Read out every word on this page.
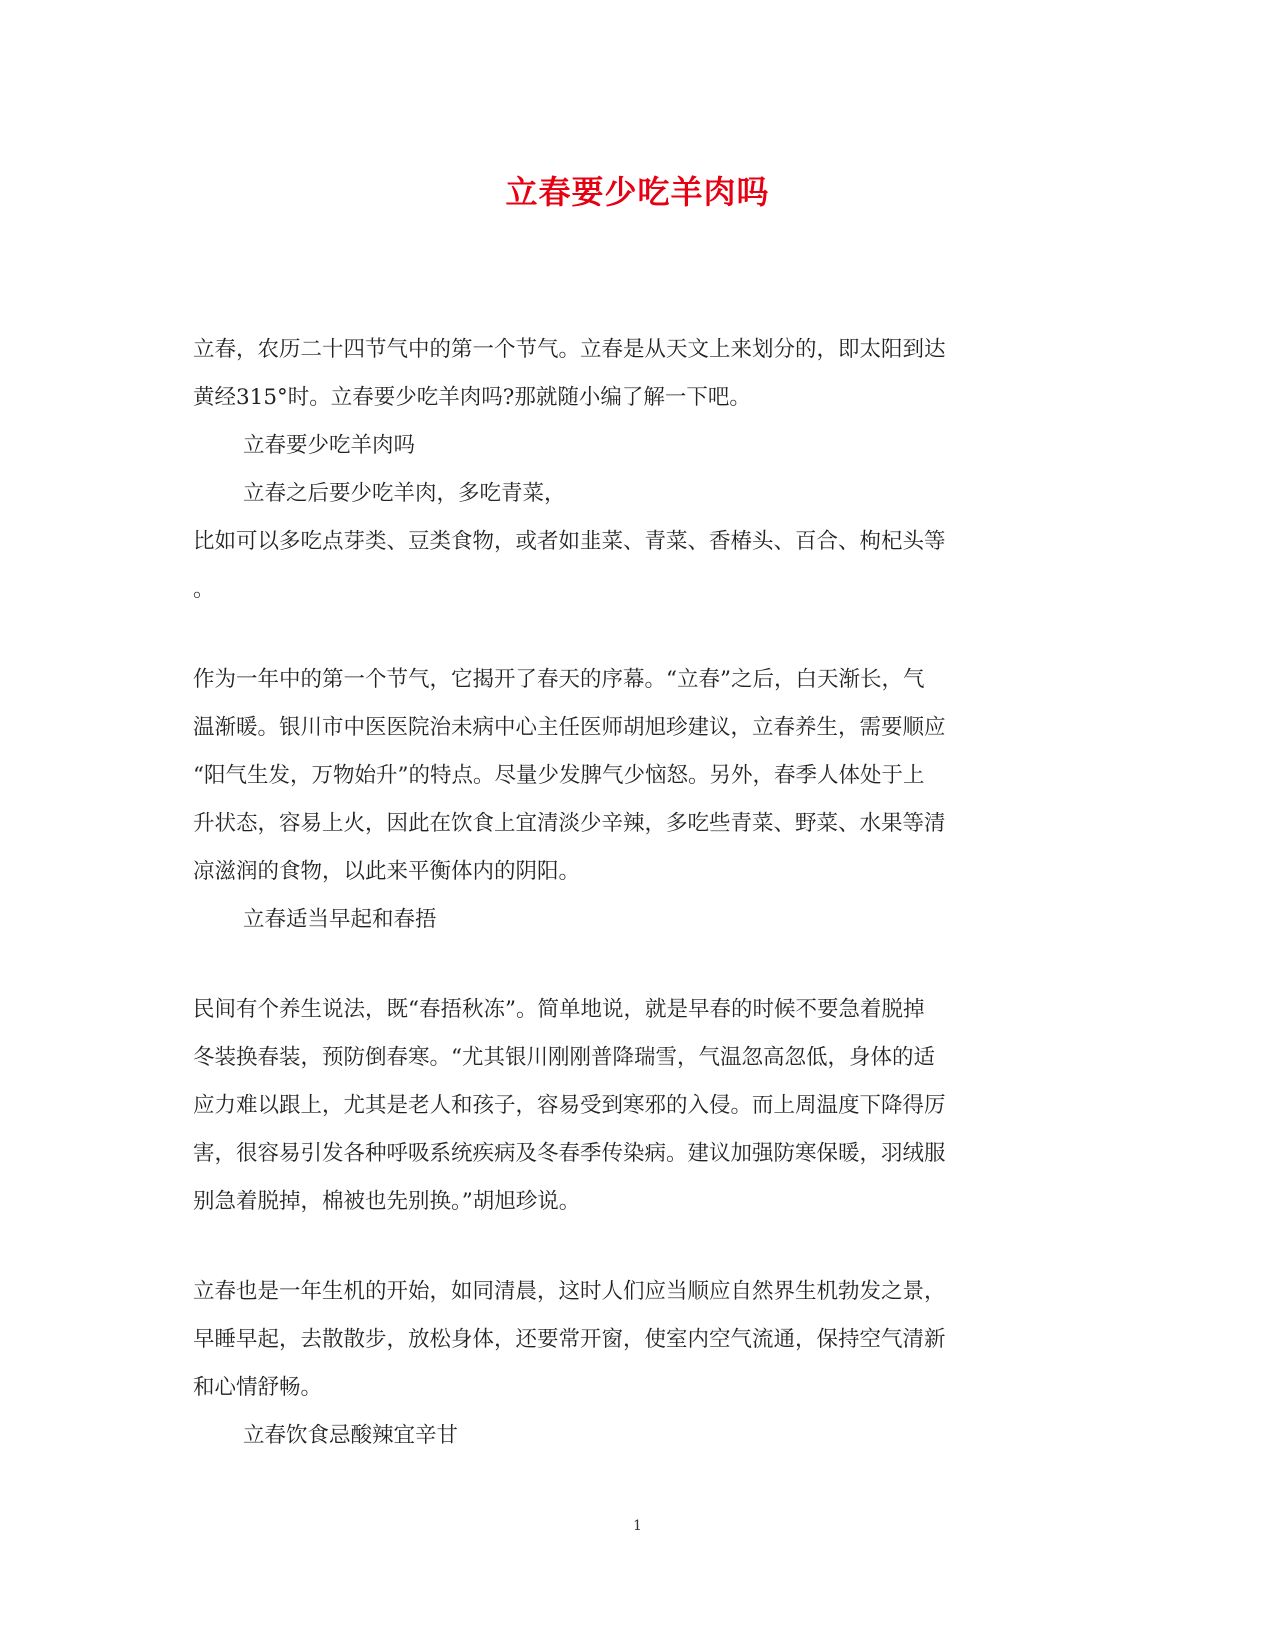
立春要少吃羊肉吗

立春，农历二十四节气中的第一个节气。立春是从天文上来划分的，即太阳到达
黄经315°时。立春要少吃羊肉吗?那就随小编了解一下吧。

立春要少吃羊肉吗

立春之后要少吃羊肉，多吃青菜，
比如可以多吃点芽类、豆类食物，或者如韭菜、青菜、香椿头、百合、枸杞头等
。

作为一年中的第一个节气，它揭开了春天的序幕。“立春”之后，白天渐长，气
温渐暖。银川市中医医院治未病中心主任医师胡旭珍建议，立春养生，需要顺应
“阳气生发，万物始升”的特点。尽量少发脾气少恼怒。另外，春季人体处于上
升状态，容易上火，因此在饮食上宜清淡少辛辣，多吃些青菜、野菜、水果等清
凉滋润的食物，以此来平衡体内的阴阳。

立春适当早起和春捂

民间有个养生说法，既“春捂秋冻”。简单地说，就是早春的时候不要急着脱掉
冬装换春装，预防倒春寒。“尤其银川刚刚普降瑞雪，气温忽高忽低，身体的适
应力难以跟上，尤其是老人和孩子，容易受到寒邪的入侵。而上周温度下降得厉
害，很容易引发各种呼吸系统疾病及冬春季传染病。建议加强防寒保暖，羽绒服
别急着脱掉，棉被也先别换。”胡旭珍说。

立春也是一年生机的开始，如同清晨，这时人们应当顺应自然界生机勃发之景，
早睡早起，去散散步，放松身体，还要常开窗，使室内空气流通，保持空气清新
和心情舒畅。

立春饮食忌酸辣宜辛甘

1
